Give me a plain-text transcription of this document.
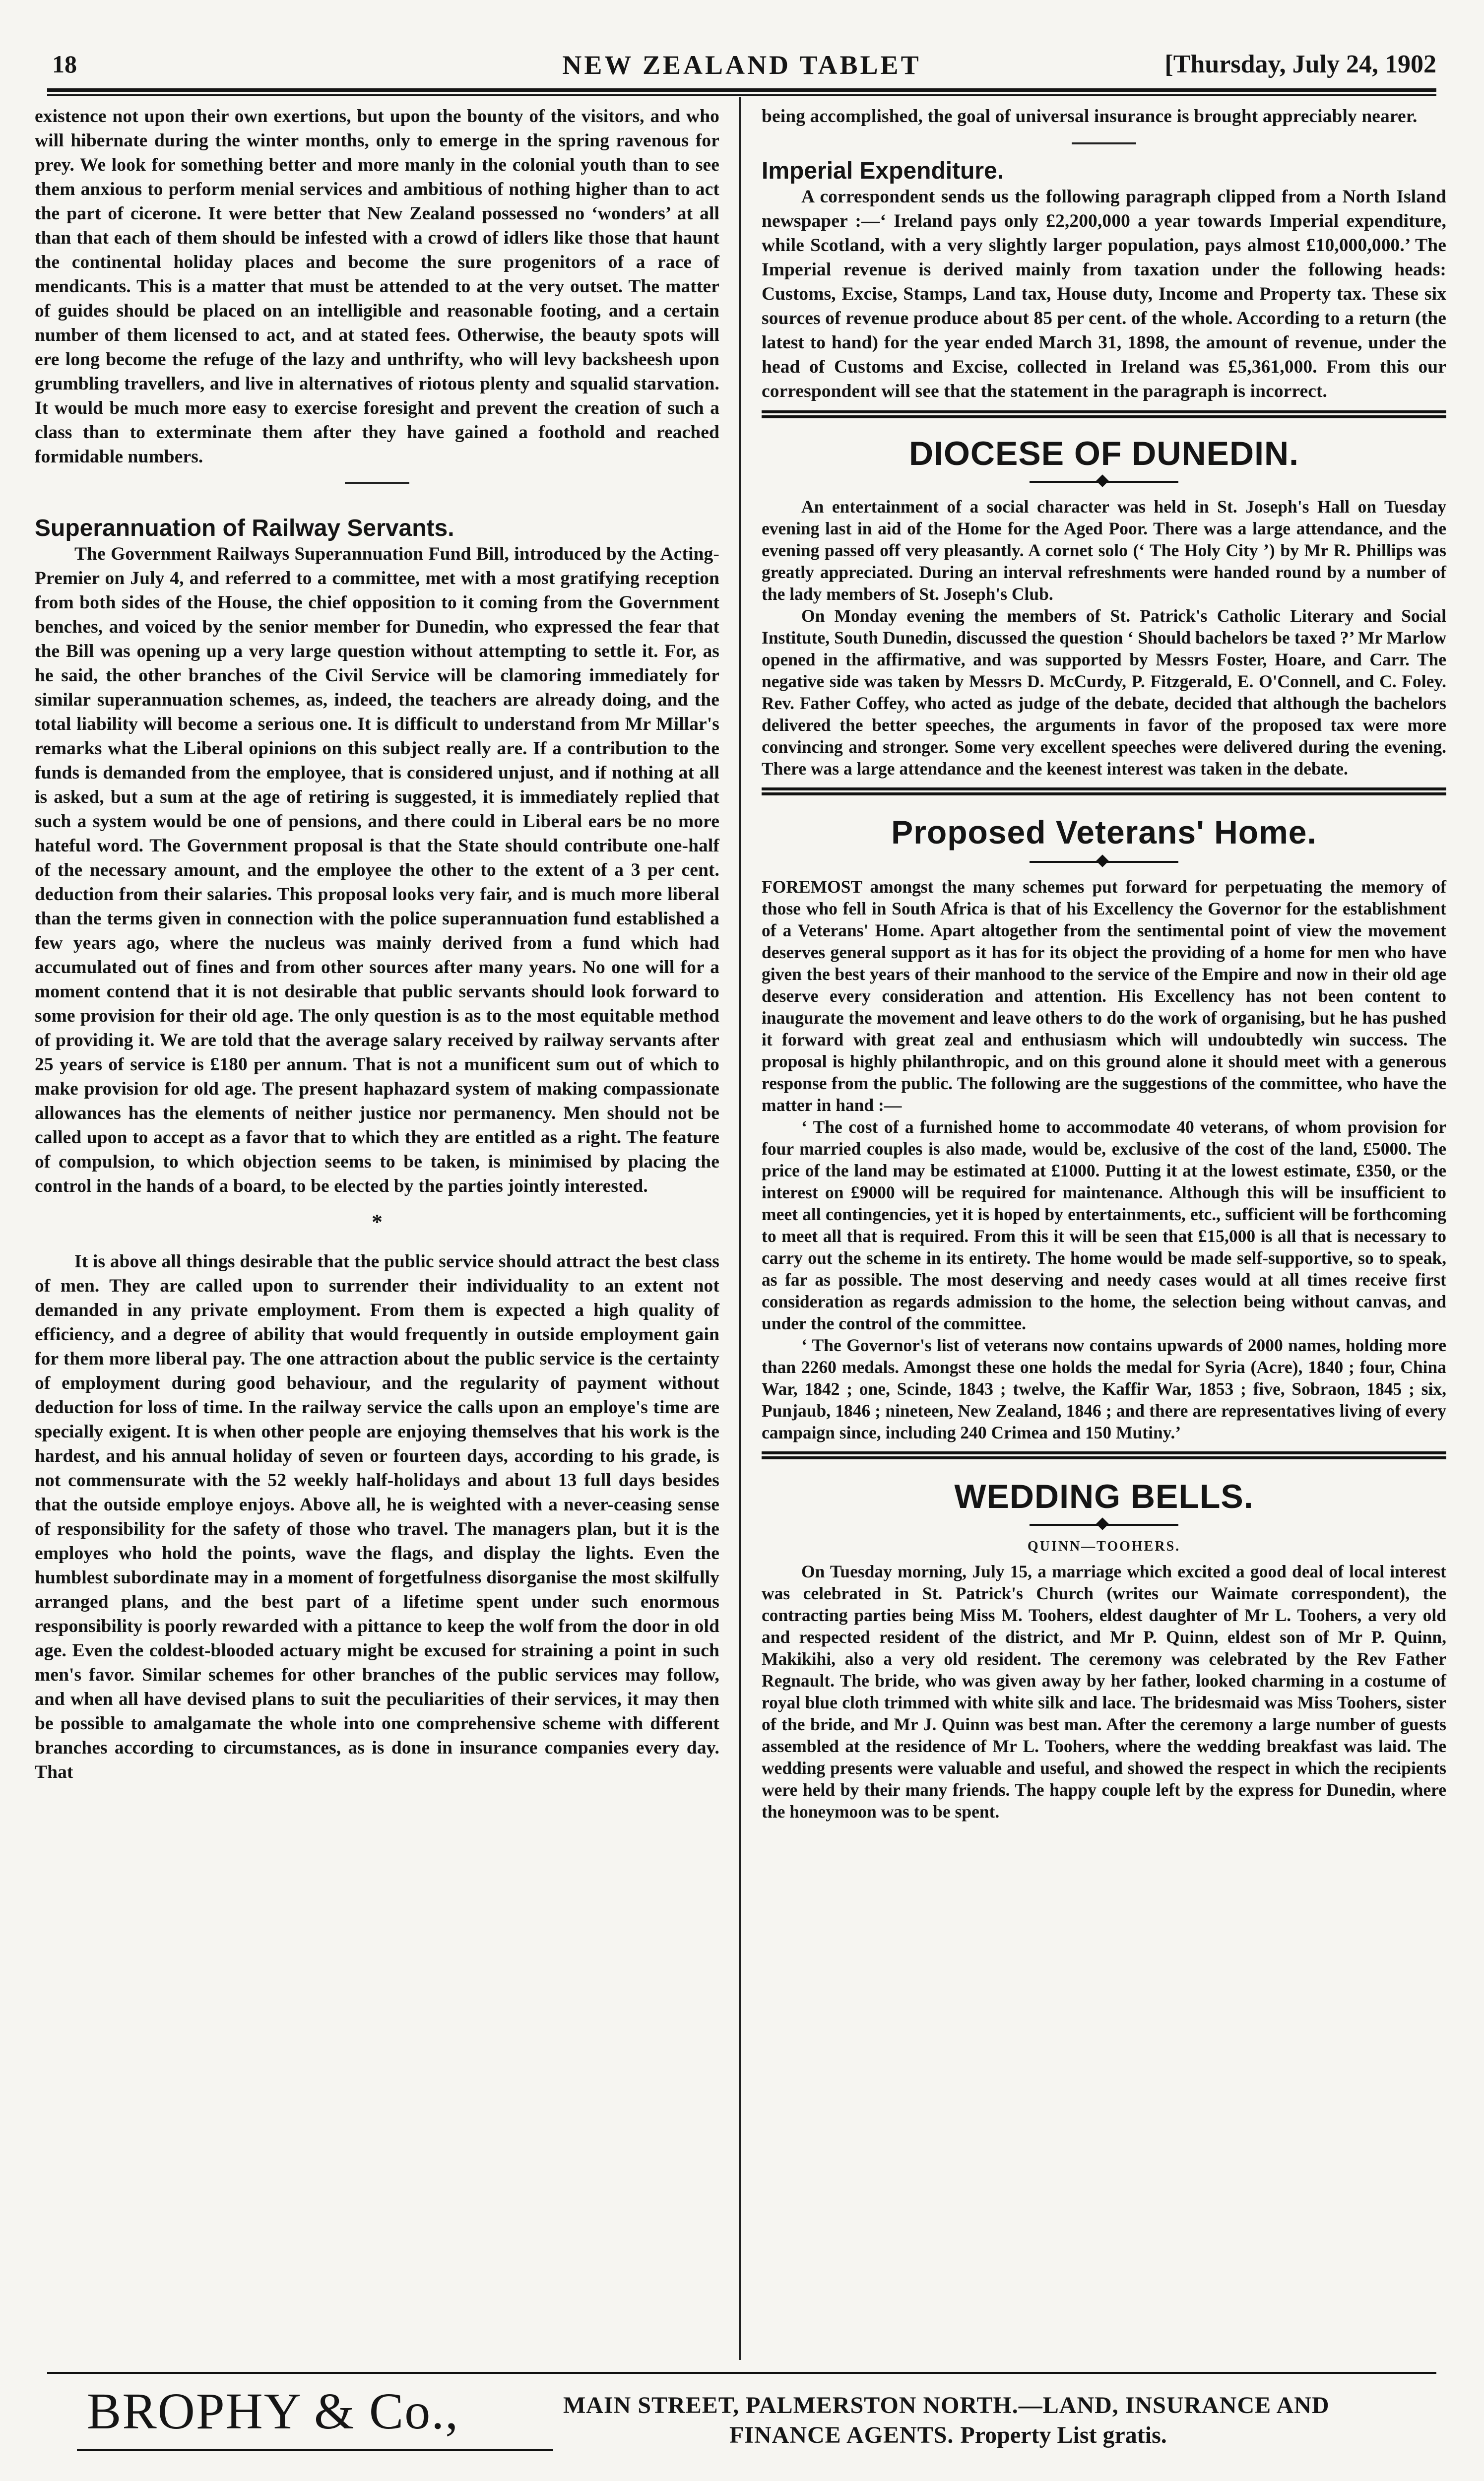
18	NEW ZEALAND TABLET	[Thursday, July 24, 1902

existence not upon their own exertions, but upon the bounty of the visitors, and who will hibernate during the winter months, only to emerge in the spring ravenous for prey. We look for something better and more manly in the colonial youth than to see them anxious to perform menial services and ambitious of nothing higher than to act the part of cicerone. It were better that New Zealand possessed no ‘wonders’ at all than that each of them should be infested with a crowd of idlers like those that haunt the continental holiday places and become the sure progenitors of a race of mendicants. This is a matter that must be attended to at the very outset. The matter of guides should be placed on an intelligible and reasonable footing, and a certain number of them licensed to act, and at stated fees. Otherwise, the beauty spots will ere long become the refuge of the lazy and unthrifty, who will levy backsheesh upon grumbling travellers, and live in alternatives of riotous plenty and squalid starvation. It would be much more easy to exercise foresight and prevent the creation of such a class than to exterminate them after they have gained a foothold and reached formidable numbers.

Superannuation of Railway Servants.

The Government Railways Superannuation Fund Bill, introduced by the Acting-Premier on July 4, and referred to a committee, met with a most gratifying reception from both sides of the House, the chief opposition to it coming from the Government benches, and voiced by the senior member for Dunedin, who expressed the fear that the Bill was opening up a very large question without attempting to settle it. For, as he said, the other branches of the Civil Service will be clamoring immediately for similar superannuation schemes, as, indeed, the teachers are already doing, and the total liability will become a serious one. It is difficult to understand from Mr Millar's remarks what the Liberal opinions on this subject really are. If a contribution to the funds is demanded from the employee, that is considered unjust, and if nothing at all is asked, but a sum at the age of retiring is suggested, it is immediately replied that such a system would be one of pensions, and there could in Liberal ears be no more hateful word. The Government proposal is that the State should contribute one-half of the necessary amount, and the employee the other to the extent of a 3 per cent. deduction from their salaries. This proposal looks very fair, and is much more liberal than the terms given in connection with the police superannuation fund established a few years ago, where the nucleus was mainly derived from a fund which had accumulated out of fines and from other sources after many years. No one will for a moment contend that it is not desirable that public servants should look forward to some provision for their old age. The only question is as to the most equitable method of providing it. We are told that the average salary received by railway servants after 25 years of service is £180 per annum. That is not a munificent sum out of which to make provision for old age. The present haphazard system of making compassionate allowances has the elements of neither justice nor permanency. Men should not be called upon to accept as a favor that to which they are entitled as a right. The feature of compulsion, to which objection seems to be taken, is minimised by placing the control in the hands of a board, to be elected by the parties jointly interested.

*

It is above all things desirable that the public service should attract the best class of men. They are called upon to surrender their individuality to an extent not demanded in any private employment. From them is expected a high quality of efficiency, and a degree of ability that would frequently in outside employment gain for them more liberal pay. The one attraction about the public service is the certainty of employment during good behaviour, and the regularity of payment without deduction for loss of time. In the railway service the calls upon an employe's time are specially exigent. It is when other people are enjoying themselves that his work is the hardest, and his annual holiday of seven or fourteen days, according to his grade, is not commensurate with the 52 weekly half-holidays and about 13 full days besides that the outside employe enjoys. Above all, he is weighted with a never-ceasing sense of responsibility for the safety of those who travel. The managers plan, but it is the employes who hold the points, wave the flags, and display the lights. Even the humblest subordinate may in a moment of forgetfulness disorganise the most skilfully arranged plans, and the best part of a lifetime spent under such enormous responsibility is poorly rewarded with a pittance to keep the wolf from the door in old age. Even the coldest-blooded actuary might be excused for straining a point in such men's favor. Similar schemes for other branches of the public services may follow, and when all have devised plans to suit the peculiarities of their services, it may then be possible to amalgamate the whole into one comprehensive scheme with different branches according to circumstances, as is done in insurance companies every day. That

being accomplished, the goal of universal insurance is brought appreciably nearer.

Imperial Expenditure.

A correspondent sends us the following paragraph clipped from a North Island newspaper :—‘ Ireland pays only £2,200,000 a year towards Imperial expenditure, while Scotland, with a very slightly larger population, pays almost £10,000,000.’ The Imperial revenue is derived mainly from taxation under the following heads: Customs, Excise, Stamps, Land tax, House duty, Income and Property tax. These six sources of revenue produce about 85 per cent. of the whole. According to a return (the latest to hand) for the year ended March 31, 1898, the amount of revenue, under the head of Customs and Excise, collected in Ireland was £5,361,000. From this our correspondent will see that the statement in the paragraph is incorrect.

DIOCESE OF DUNEDIN.

An entertainment of a social character was held in St. Joseph's Hall on Tuesday evening last in aid of the Home for the Aged Poor. There was a large attendance, and the evening passed off very pleasantly. A cornet solo (‘ The Holy City ’) by Mr R. Phillips was greatly appreciated. During an interval refreshments were handed round by a number of the lady members of St. Joseph's Club.

On Monday evening the members of St. Patrick's Catholic Literary and Social Institute, South Dunedin, discussed the question ‘ Should bachelors be taxed ?’ Mr Marlow opened in the affirmative, and was supported by Messrs Foster, Hoare, and Carr. The negative side was taken by Messrs D. McCurdy, P. Fitzgerald, E. O'Connell, and C. Foley. Rev. Father Coffey, who acted as judge of the debate, decided that although the bachelors delivered the better speeches, the arguments in favor of the proposed tax were more convincing and stronger. Some very excellent speeches were delivered during the evening. There was a large attendance and the keenest interest was taken in the debate.

Proposed Veterans' Home.

FOREMOST amongst the many schemes put forward for perpetuating the memory of those who fell in South Africa is that of his Excellency the Governor for the establishment of a Veterans' Home. Apart altogether from the sentimental point of view the movement deserves general support as it has for its object the providing of a home for men who have given the best years of their manhood to the service of the Empire and now in their old age deserve every consideration and attention. His Excellency has not been content to inaugurate the movement and leave others to do the work of organising, but he has pushed it forward with great zeal and enthusiasm which will undoubtedly win success. The proposal is highly philanthropic, and on this ground alone it should meet with a generous response from the public. The following are the suggestions of the committee, who have the matter in hand :—

‘ The cost of a furnished home to accommodate 40 veterans, of whom provision for four married couples is also made, would be, exclusive of the cost of the land, £5000. The price of the land may be estimated at £1000. Putting it at the lowest estimate, £350, or the interest on £9000 will be required for maintenance. Although this will be insufficient to meet all contingencies, yet it is hoped by entertainments, etc., sufficient will be forthcoming to meet all that is required. From this it will be seen that £15,000 is all that is necessary to carry out the scheme in its entirety. The home would be made self-supportive, so to speak, as far as possible. The most deserving and needy cases would at all times receive first consideration as regards admission to the home, the selection being without canvas, and under the control of the committee.

‘ The Governor's list of veterans now contains upwards of 2000 names, holding more than 2260 medals. Amongst these one holds the medal for Syria (Acre), 1840 ; four, China War, 1842 ; one, Scinde, 1843 ; twelve, the Kaffir War, 1853 ; five, Sobraon, 1845 ; six, Punjaub, 1846 ; nineteen, New Zealand, 1846 ; and there are representatives living of every campaign since, including 240 Crimea and 150 Mutiny.’

WEDDING BELLS.
QUINN—TOOHERS.

On Tuesday morning, July 15, a marriage which excited a good deal of local interest was celebrated in St. Patrick's Church (writes our Waimate correspondent), the contracting parties being Miss M. Toohers, eldest daughter of Mr L. Toohers, a very old and respected resident of the district, and Mr P. Quinn, eldest son of Mr P. Quinn, Makikihi, also a very old resident. The ceremony was celebrated by the Rev Father Regnault. The bride, who was given away by her father, looked charming in a costume of royal blue cloth trimmed with white silk and lace. The bridesmaid was Miss Toohers, sister of the bride, and Mr J. Quinn was best man. After the ceremony a large number of guests assembled at the residence of Mr L. Toohers, where the wedding breakfast was laid. The wedding presents were valuable and useful, and showed the respect in which the recipients were held by their many friends. The happy couple left by the express for Dunedin, where the honeymoon was to be spent.

BROPHY & Co.,	MAIN STREET, PALMERSTON NORTH.—LAND, INSURANCE AND
FINANCE AGENTS. Property List gratis.
